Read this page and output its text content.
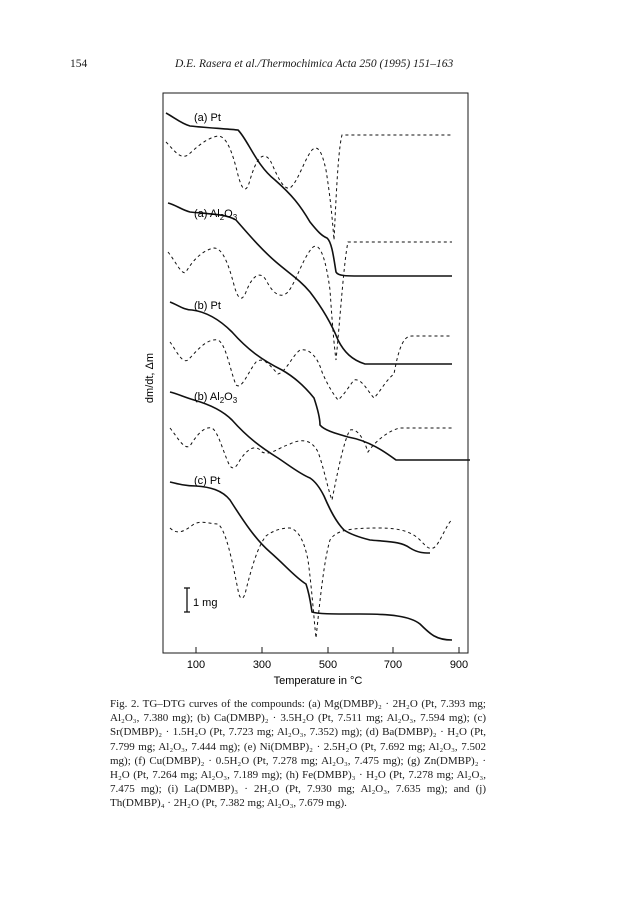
154	D.E. Rasera et al./Thermochimica Acta 250 (1995) 151–163
100	300	500	700	900
Temperature in °C
dm/dt, Δm
1 mg
(a) Pt
(a) $Al_2O_3$
(b) Pt
(b) $Al_2O_3$
(c) Pt
Fig. 2. TG–DTG curves of the compounds: (a) Mg(DMBP)₂ · 2H₂O (Pt, 7.393 mg; Al₂O₃, 7.380 mg); (b) Ca(DMBP)₂ · 3.5H₂O (Pt, 7.511 mg; Al₂O₃, 7.594 mg); (c) Sr(DMBP)₂ · 1.5H₂O (Pt, 7.723 mg; Al₂O₃, 7.352) mg); (d) Ba(DMBP)₂ · H₂O (Pt, 7.799 mg; Al₂O₃, 7.444 mg); (e) Ni(DMBP)₂ · 2.5H₂O (Pt, 7.692 mg; Al₂O₃, 7.502 mg); (f) Cu(DMBP)₂ · 0.5H₂O (Pt, 7.278 mg; Al₂O₃, 7.475 mg); (g) Zn(DMBP)₂ · H₂O (Pt, 7.264 mg; Al₂O₃, 7.189 mg); (h) Fe(DMBP)₃ · H₂O (Pt, 7.278 mg; Al₂O₃, 7.475 mg); (i) La(DMBP)₃ · 2H₂O (Pt, 7.930 mg; Al₂O₃, 7.635 mg); and (j) Th(DMBP)₄ · 2H₂O (Pt, 7.382 mg; Al₂O₃, 7.679 mg).
